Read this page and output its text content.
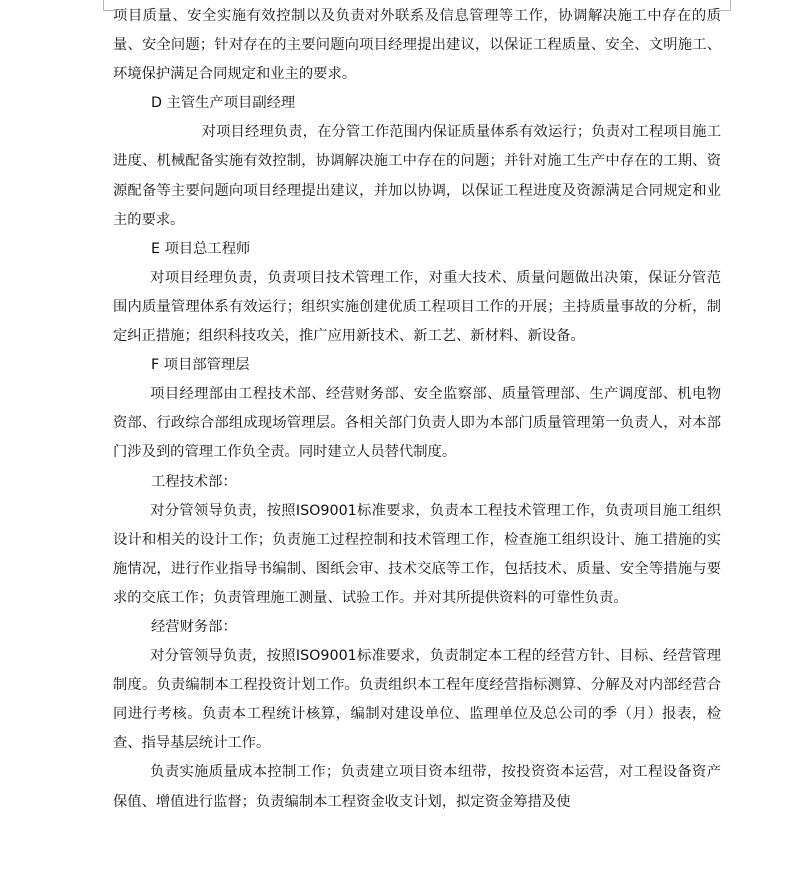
项目质量、安全实施有效控制以及负责对外联系及信息管理等工作，协调解决施工中存在的质量、安全问题；针对存在的主要问题向项目经理提出建议，以保证工程质量、安全、文明施工、环境保护满足合同规定和业主的要求。

D 主管生产项目副经理

对项目经理负责，在分管工作范围内保证质量体系有效运行；负责对工程项目施工进度、机械配备实施有效控制，协调解决施工中存在的问题；并针对施工生产中存在的工期、资源配备等主要问题向项目经理提出建议，并加以协调，以保证工程进度及资源满足合同规定和业主的要求。

E 项目总工程师

对项目经理负责，负责项目技术管理工作，对重大技术、质量问题做出决策，保证分管范围内质量管理体系有效运行；组织实施创建优质工程项目工作的开展；主持质量事故的分析，制定纠正措施；组织科技攻关，推广应用新技术、新工艺、新材料、新设备。

F 项目部管理层

项目经理部由工程技术部、经营财务部、安全监察部、质量管理部、生产调度部、机电物资部、行政综合部组成现场管理层。各相关部门负责人即为本部门质量管理第一负责人，对本部门涉及到的管理工作负全责。同时建立人员替代制度。

工程技术部：

对分管领导负责，按照ISO9001标准要求，负责本工程技术管理工作，负责项目施工组织设计和相关的设计工作；负责施工过程控制和技术管理工作，检查施工组织设计、施工措施的实施情况，进行作业指导书编制、图纸会审、技术交底等工作，包括技术、质量、安全等措施与要求的交底工作；负责管理施工测量、试验工作。并对其所提供资料的可靠性负责。

经营财务部：

对分管领导负责，按照ISO9001标准要求，负责制定本工程的经营方针、目标、经营管理制度。负责编制本工程投资计划工作。负责组织本工程年度经营指标测算、分解及对内部经营合同进行考核。负责本工程统计核算，编制对建设单位、监理单位及总公司的季（月）报表，检查、指导基层统计工作。

负责实施质量成本控制工作；负责建立项目资本纽带，按投资资本运营，对工程设备资产保值、增值进行监督；负责编制本工程资金收支计划，拟定资金筹措及使
